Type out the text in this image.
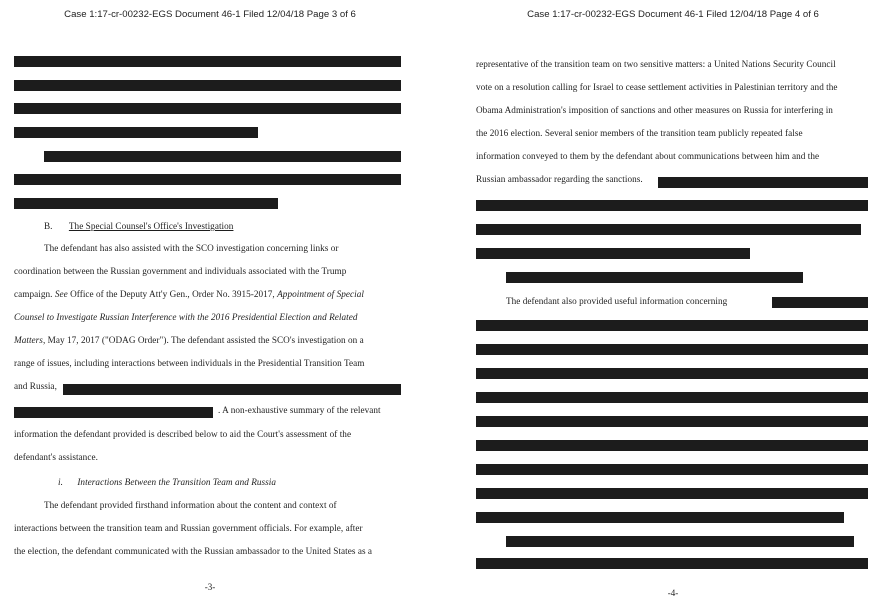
Case 1:17-cr-00232-EGS Document 46-1 Filed 12/04/18 Page 3 of 6
B. The Special Counsel's Office's Investigation
The defendant has also assisted with the SCO investigation concerning links or
coordination between the Russian government and individuals associated with the Trump
campaign. See Office of the Deputy Att'y Gen., Order No. 3915-2017, Appointment of Special
Counsel to Investigate Russian Interference with the 2016 Presidential Election and Related
Matters, May 17, 2017 ("ODAG Order"). The defendant assisted the SCO's investigation on a
range of issues, including interactions between individuals in the Presidential Transition Team
and Russia,
. A non-exhaustive summary of the relevant
information the defendant provided is described below to aid the Court's assessment of the
defendant's assistance.
i. Interactions Between the Transition Team and Russia
The defendant provided firsthand information about the content and context of
interactions between the transition team and Russian government officials. For example, after
the election, the defendant communicated with the Russian ambassador to the United States as a
-3-
Case 1:17-cr-00232-EGS Document 46-1 Filed 12/04/18 Page 4 of 6
representative of the transition team on two sensitive matters: a United Nations Security Council
vote on a resolution calling for Israel to cease settlement activities in Palestinian territory and the
Obama Administration's imposition of sanctions and other measures on Russia for interfering in
the 2016 election. Several senior members of the transition team publicly repeated false
information conveyed to them by the defendant about communications between him and the
Russian ambassador regarding the sanctions.
The defendant also provided useful information concerning
-4-
